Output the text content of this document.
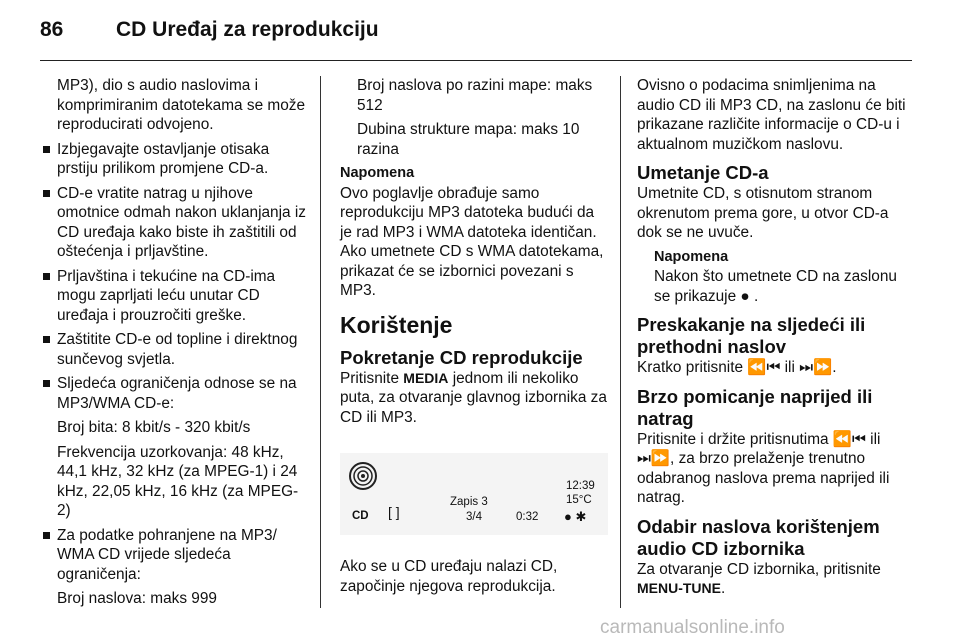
86	CD Uređaj za reprodukciju

MP3), dio s audio naslovima i komprimiranim datotekama se može reproducirati odvojeno.

Izbjegavajte ostavljanje otisaka prstiju prilikom promjene CD-a.

CD-e vratite natrag u njihove omotnice odmah nakon uklanjanja iz CD uređaja kako biste ih zaštitili od oštećenja i prljavštine.

Prljavština i tekućine na CD-ima mogu zaprljati leću unutar CD uređaja i prouzročiti greške.

Zaštitite CD-e od topline i direktnog sunčevog svjetla.

Sljedeća ograničenja odnose se na MP3/WMA CD-e:

Broj bita: 8 kbit/s - 320 kbit/s

Frekvencija uzorkovanja: 48 kHz, 44,1 kHz, 32 kHz (za MPEG-1) i 24 kHz, 22,05 kHz, 16 kHz (za MPEG-2)

Za podatke pohranjene na MP3/ WMA CD vrijede sljedeća ograničenja:

Broj naslova: maks 999

Broj naslova po razini mape: maks 512

Dubina strukture mapa: maks 10 razina

Napomena

Ovo poglavlje obrađuje samo reprodukciju MP3 datoteka budući da je rad MP3 i WMA datoteka identičan. Ako umetnete CD s WMA datotekama, prikazat će se izbornici povezani s MP3.

Korištenje

Pokretanje CD reprodukcije

Pritisnite MEDIA jednom ili nekoliko puta, za otvaranje glavnog izbornika za CD ili MP3.

CD [ ]
Zapis 3
3/4	0:32
12:39
15°C
● ✱

Ako se u CD uređaju nalazi CD, započinje njegova reprodukcija.

Ovisno o podacima snimljenima na audio CD ili MP3 CD, na zaslonu će biti prikazane različite informacije o CD-u i aktualnom muzičkom naslovu.

Umetanje CD-a

Umetnite CD, s otisnutom stranom okrenutom prema gore, u otvor CD-a dok se ne uvuče.

Napomena

Nakon što umetnete CD na zaslonu se prikazuje ● .

Preskakanje na sljedeći ili prethodni naslov

Kratko pritisnite ⏪⏮ ili ⏭⏩.

Brzo pomicanje naprijed ili natrag

Pritisnite i držite pritisnutima ⏪⏮ ili ⏭⏩, za brzo prelaženje trenutno odabranog naslova prema naprijed ili natrag.

Odabir naslova korištenjem audio CD izbornika

Za otvaranje CD izbornika, pritisnite MENU-TUNE.

carmanualsonline.info
